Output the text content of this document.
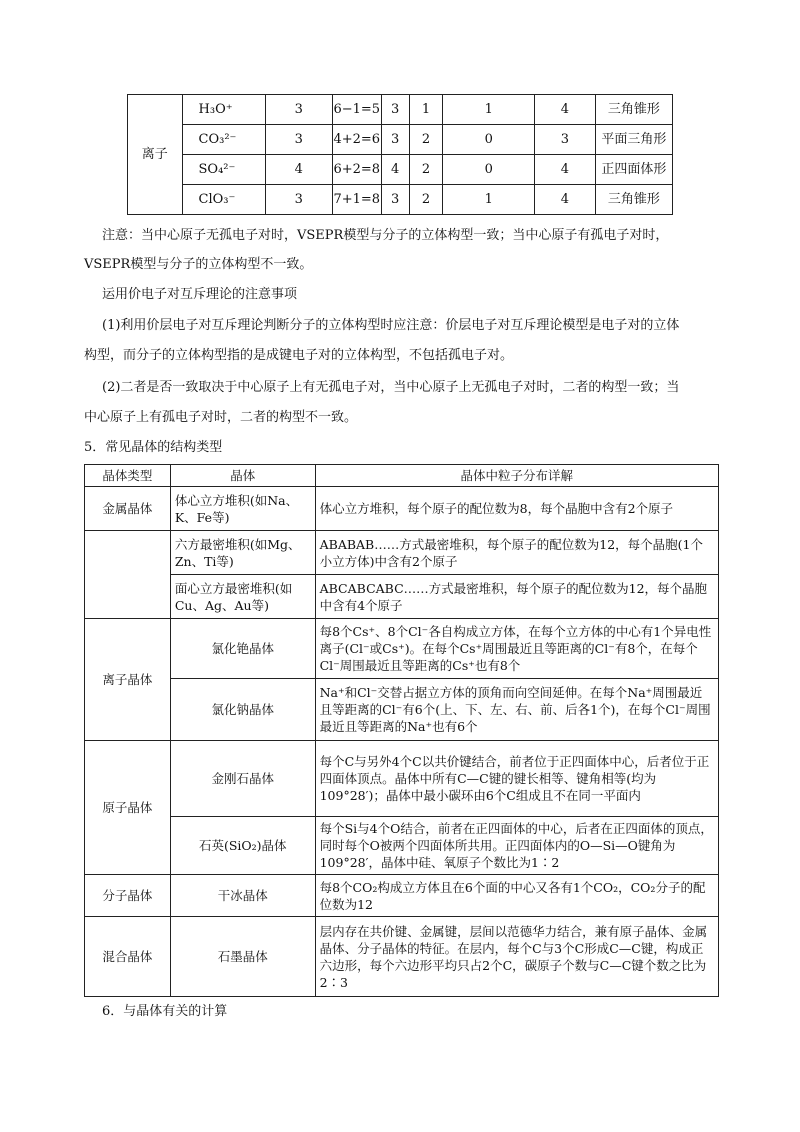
离子	H₃O⁺	3	6−1=5	3	1	1	4	三角锥形
	CO₃²⁻	3	4+2=6	3	2	0	3	平面三角形
	SO₄²⁻	4	6+2=8	4	2	0	4	正四面体形
	ClO₃⁻	3	7+1=8	3	2	1	4	三角锥形
注意：当中心原子无孤电子对时，VSEPR模型与分子的立体构型一致；当中心原子有孤电子对时，
VSEPR模型与分子的立体构型不一致。
运用价电子对互斥理论的注意事项
(1)利用价层电子对互斥理论判断分子的立体构型时应注意：价层电子对互斥理论模型是电子对的立体
构型，而分子的立体构型指的是成键电子对的立体构型，不包括孤电子对。
(2)二者是否一致取决于中心原子上有无孤电子对，当中心原子上无孤电子对时，二者的构型一致；当
中心原子上有孤电子对时，二者的构型不一致。
5．常见晶体的结构类型
晶体类型	晶体	晶体中粒子分布详解
金属晶体	体心立方堆积(如Na、K、Fe等)	体心立方堆积，每个原子的配位数为8，每个晶胞中含有2个原子
	六方最密堆积(如Mg、Zn、Ti等)	ABABAB……方式最密堆积，每个原子的配位数为12，每个晶胞(1个小立方体)中含有2个原子
	面心立方最密堆积(如Cu、Ag、Au等)	ABCABCABC……方式最密堆积，每个原子的配位数为12，每个晶胞中含有4个原子
离子晶体	氯化铯晶体	每8个Cs⁺、8个Cl⁻各自构成立方体，在每个立方体的中心有1个异电性离子(Cl⁻或Cs⁺)。在每个Cs⁺周围最近且等距离的Cl⁻有8个，在每个Cl⁻周围最近且等距离的Cs⁺也有8个
	氯化钠晶体	Na⁺和Cl⁻交替占据立方体的顶角而向空间延伸。在每个Na⁺周围最近且等距离的Cl⁻有6个(上、下、左、右、前、后各1个)，在每个Cl⁻周围最近且等距离的Na⁺也有6个
原子晶体	金刚石晶体	每个C与另外4个C以共价键结合，前者位于正四面体中心，后者位于正四面体顶点。晶体中所有C—C键的键长相等、键角相等(均为109°28′)；晶体中最小碳环由6个C组成且不在同一平面内
	石英(SiO₂)晶体	每个Si与4个O结合，前者在正四面体的中心，后者在正四面体的顶点，同时每个O被两个四面体所共用。正四面体内的O—Si—O键角为109°28′，晶体中硅、氧原子个数比为1∶2
分子晶体	干冰晶体	每8个CO₂构成立方体且在6个面的中心又各有1个CO₂，CO₂分子的配位数为12
混合晶体	石墨晶体	层内存在共价键、金属键，层间以范德华力结合，兼有原子晶体、金属晶体、分子晶体的特征。在层内，每个C与3个C形成C—C键，构成正六边形，每个六边形平均只占2个C，碳原子个数与C—C键个数之比为2∶3
6．与晶体有关的计算
